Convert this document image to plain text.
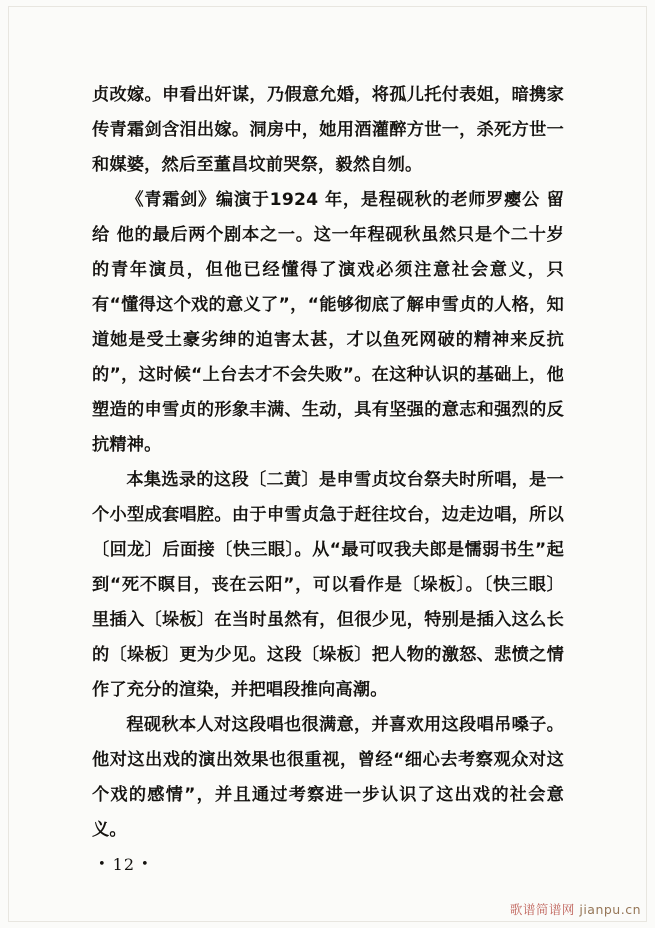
贞改嫁。申看出奸谋，乃假意允婚，将孤儿托付表姐，暗携家传青霜剑含泪出嫁。洞房中，她用酒灌醉方世一，杀死方世一和媒婆，然后至董昌坟前哭祭，毅然自刎。

《青霜剑》编演于1924 年，是程砚秋的老师罗瘿公 留 给 他的最后两个剧本之一。这一年程砚秋虽然只是个二十岁的青年演员，但他已经懂得了演戏必须注意社会意义，只有“懂得这个戏的意义了”，“能够彻底了解申雪贞的人格，知道她是受土豪劣绅的迫害太甚，才以鱼死网破的精神来反抗的”，这时候“上台去才不会失败”。在这种认识的基础上，他塑造的申雪贞的形象丰满、生动，具有坚强的意志和强烈的反抗精神。

本集选录的这段〔二黄〕是申雪贞坟台祭夫时所唱，是一个小型成套唱腔。由于申雪贞急于赶往坟台，边走边唱，所以〔回龙〕后面接〔快三眼〕。从“最可叹我夫郎是懦弱书生”起到“死不瞑目，丧在云阳”，可以看作是〔垛板〕。〔快三眼〕里插入〔垛板〕在当时虽然有，但很少见，特别是插入这么长的〔垛板〕更为少见。这段〔垛板〕把人物的激怒、悲愤之情作了充分的渲染，并把唱段推向高潮。

程砚秋本人对这段唱也很满意，并喜欢用这段唱吊嗓子。他对这出戏的演出效果也很重视，曾经“细心去考察观众对这个戏的感情”，并且通过考察进一步认识了这出戏的社会意义。

• 12 •
歌谱简谱网 jianpu.cn
